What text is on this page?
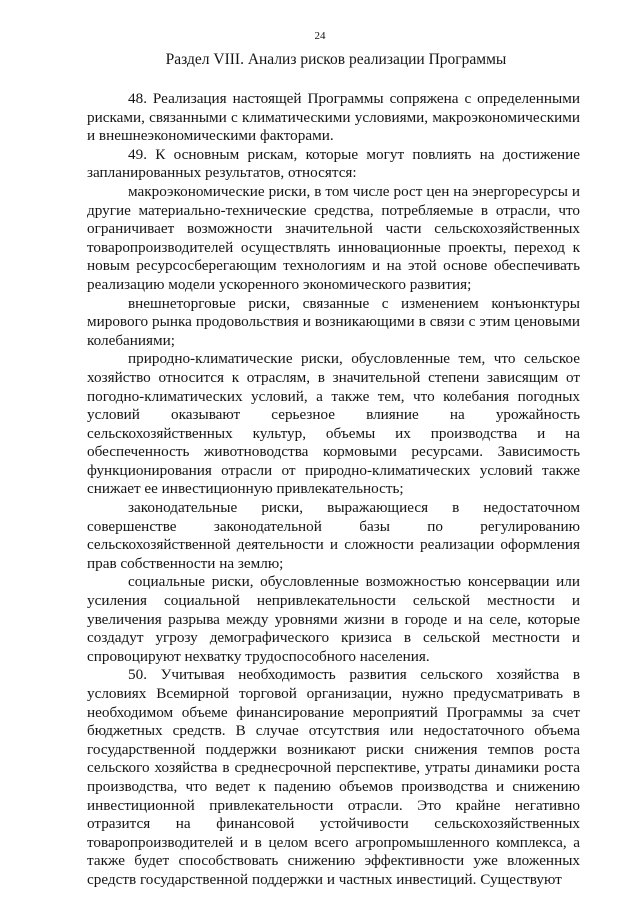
24
Раздел VIII. Анализ рисков реализации Программы

48. Реализация настоящей Программы сопряжена с определенными рисками, связанными с климатическими условиями, макроэкономическими и внешнеэкономическими факторами.

49. К основным рискам, которые могут повлиять на достижение запланированных результатов, относятся:

макроэкономические риски, в том числе рост цен на энергоресурсы и другие материально-технические средства, потребляемые в отрасли, что ограничивает возможности значительной части сельскохозяйственных товаропроизводителей осуществлять инновационные проекты, переход к новым ресурсосберегающим технологиям и на этой основе обеспечивать реализацию модели ускоренного экономического развития;

внешнеторговые риски, связанные с изменением конъюнктуры мирового рынка продовольствия и возникающими в связи с этим ценовыми колебаниями;

природно-климатические риски, обусловленные тем, что сельское хозяйство относится к отраслям, в значительной степени зависящим от погодно-климатических условий, а также тем, что колебания погодных условий оказывают серьезное влияние на урожайность сельскохозяйственных культур, объемы их производства и на обеспеченность животноводства кормовыми ресурсами. Зависимость функционирования отрасли от природно-климатических условий также снижает ее инвестиционную привлекательность;

законодательные риски, выражающиеся в недостаточном совершенстве законодательной базы по регулированию сельскохозяйственной деятельности и сложности реализации оформления прав собственности на землю;

социальные риски, обусловленные возможностью консервации или усиления социальной непривлекательности сельской местности и увеличения разрыва между уровнями жизни в городе и на селе, которые создадут угрозу демографического кризиса в сельской местности и спровоцируют нехватку трудоспособного населения.

50. Учитывая необходимость развития сельского хозяйства в условиях Всемирной торговой организации, нужно предусматривать в необходимом объеме финансирование мероприятий Программы за счет бюджетных средств. В случае отсутствия или недостаточного объема государственной поддержки возникают риски снижения темпов роста сельского хозяйства в среднесрочной перспективе, утраты динамики роста производства, что ведет к падению объемов производства и снижению инвестиционной привлекательности отрасли. Это крайне негативно отразится на финансовой устойчивости сельскохозяйственных товаропроизводителей и в целом всего агропромышленного комплекса, а также будет способствовать снижению эффективности уже вложенных средств государственной поддержки и частных инвестиций. Существуют
